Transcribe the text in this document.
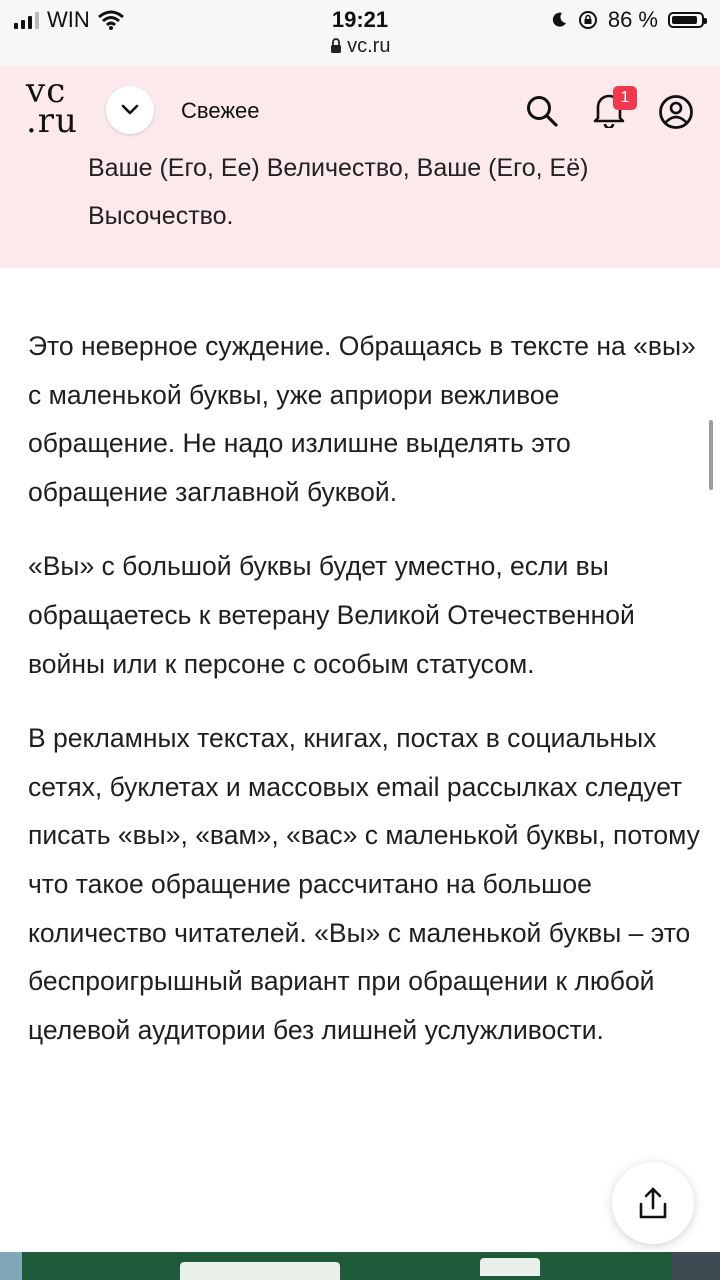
WIN	19:21
vc.ru
86 %
vc
.ru	Свежее
1

Ваше (Его, Ее) Величество, Ваше (Его, Её) Высочество.

Это неверное суждение. Обращаясь в тексте на «вы» с маленькой буквы, уже априори вежливое обращение. Не надо излишне выделять это обращение заглавной буквой.

«Вы» с большой буквы будет уместно, если вы обращаетесь к ветерану Великой Отечественной войны или к персоне с особым статусом.

В рекламных текстах, книгах, постах в социальных сетях, буклетах и массовых email рассылках следует писать «вы», «вам», «вас» с маленькой буквы, потому что такое обращение рассчитано на большое количество читателей. «Вы» с маленькой буквы – это беспроигрышный вариант при обращении к любой целевой аудитории без лишней услужливости.
